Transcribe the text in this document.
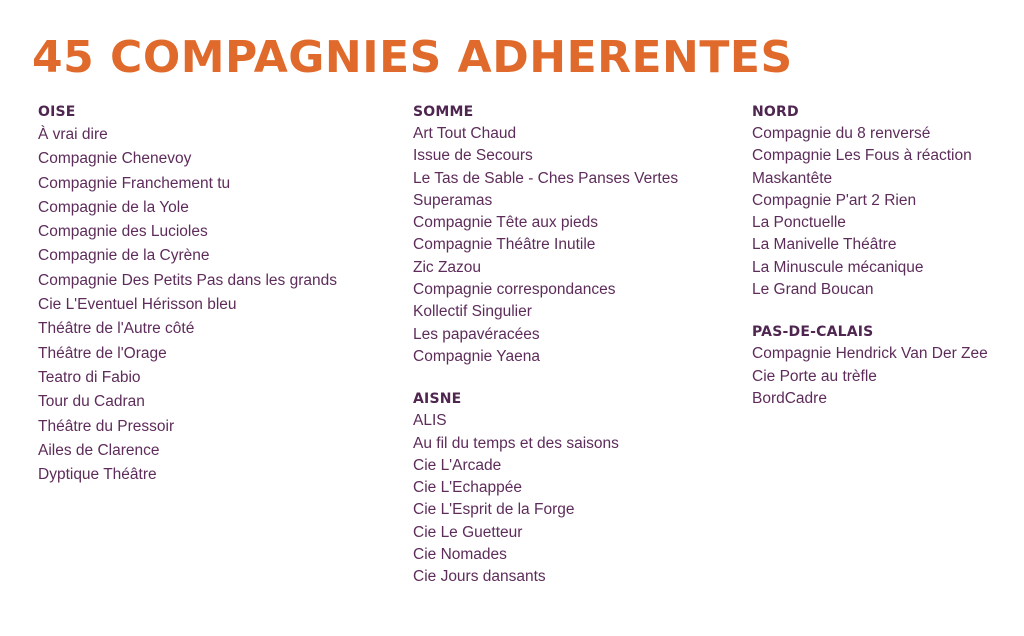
45 COMPAGNIES ADHERENTES
OISE
À vrai dire
Compagnie Chenevoy
Compagnie Franchement tu
Compagnie de la Yole
Compagnie des Lucioles
Compagnie de la Cyrène
Compagnie Des Petits Pas dans les grands
Cie L'Eventuel Hérisson bleu
Théâtre de l'Autre côté
Théâtre de l'Orage
Teatro di Fabio
Tour du Cadran
Théâtre du Pressoir
Ailes de Clarence
Dyptique Théâtre
SOMME
Art Tout Chaud
Issue de Secours
Le Tas de Sable - Ches Panses Vertes
Superamas
Compagnie Tête aux pieds
Compagnie Théâtre Inutile
Zic Zazou
Compagnie correspondances
Kollectif Singulier
Les papavéracées
Compagnie Yaena
AISNE
ALIS
Au fil du temps et des saisons
Cie L'Arcade
Cie L'Echappée
Cie L'Esprit de la Forge
Cie Le Guetteur
Cie Nomades
Cie Jours dansants
NORD
Compagnie du 8 renversé
Compagnie Les Fous à réaction
Maskantête
Compagnie P'art 2 Rien
La Ponctuelle
La Manivelle Théâtre
La Minuscule mécanique
Le Grand Boucan
PAS-DE-CALAIS
Compagnie Hendrick Van Der Zee
Cie Porte au trèfle
BordCadre
